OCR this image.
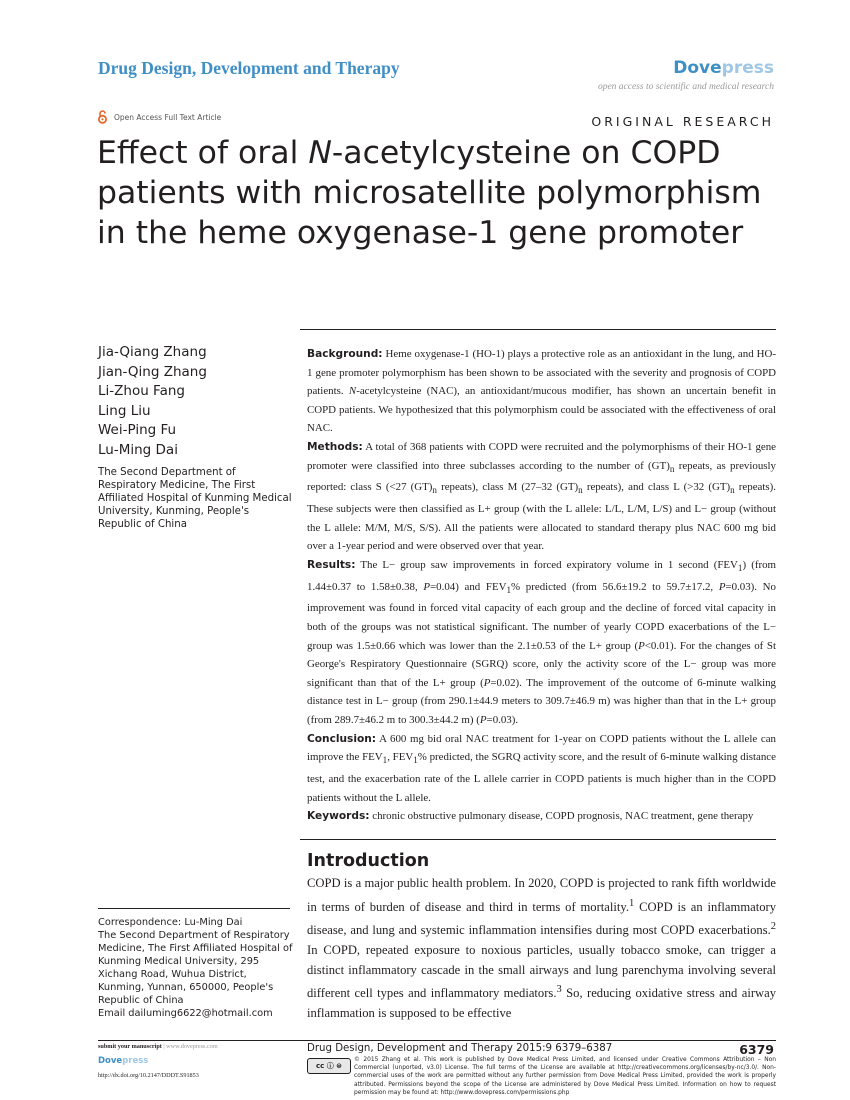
Drug Design, Development and Therapy	Dovepress
open access to scientific and medical research
Open Access Full Text Article	ORIGINAL RESEARCH
Effect of oral N-acetylcysteine on COPD patients with microsatellite polymorphism in the heme oxygenase-1 gene promoter
Jia-Qiang Zhang
Jian-Qing Zhang
Li-Zhou Fang
Ling Liu
Wei-Ping Fu
Lu-Ming Dai
The Second Department of Respiratory Medicine, The First Affiliated Hospital of Kunming Medical University, Kunming, People's Republic of China

Background: Heme oxygenase-1 (HO-1) plays a protective role as an antioxidant in the lung, and HO-1 gene promoter polymorphism has been shown to be associated with the severity and prognosis of COPD patients. N-acetylcysteine (NAC), an antioxidant/mucous modifier, has shown an uncertain benefit in COPD patients. We hypothesized that this polymorphism could be associated with the effectiveness of oral NAC.

Methods: A total of 368 patients with COPD were recruited and the polymorphisms of their HO-1 gene promoter were classified into three subclasses according to the number of $(GT)_n$ repeats, as previously reported: class S (<27 $(GT)_n$ repeats), class M (27–32 $(GT)_n$ repeats), and class L (>32 $(GT)_n$ repeats). These subjects were then classified as L+ group (with the L allele: L/L, L/M, L/S) and L− group (without the L allele: M/M, M/S, S/S). All the patients were allocated to standard therapy plus NAC 600 mg bid over a 1-year period and were observed over that year.

Results: The L− group saw improvements in forced expiratory volume in 1 second $(FEV_1)$ (from 1.44±0.37 to 1.58±0.38, P=0.04) and $FEV_1\%$ predicted (from 56.6±19.2 to 59.7±17.2, P=0.03). No improvement was found in forced vital capacity of each group and the decline of forced vital capacity in both of the groups was not statistical significant. The number of yearly COPD exacerbations of the L− group was 1.5±0.66 which was lower than the 2.1±0.53 of the L+ group (P<0.01). For the changes of St George's Respiratory Questionnaire (SGRQ) score, only the activity score of the L− group was more significant than that of the L+ group (P=0.02). The improvement of the outcome of 6-minute walking distance test in L− group (from 290.1±44.9 meters to 309.7±46.9 m) was higher than that in the L+ group (from 289.7±46.2 m to 300.3±44.2 m) (P=0.03).

Conclusion: A 600 mg bid oral NAC treatment for 1-year on COPD patients without the L allele can improve the $FEV_1$, $FEV_1\%$ predicted, the SGRQ activity score, and the result of 6-minute walking distance test, and the exacerbation rate of the L allele carrier in COPD patients is much higher than in the COPD patients without the L allele.

Keywords: chronic obstructive pulmonary disease, COPD prognosis, NAC treatment, gene therapy

Introduction
COPD is a major public health problem. In 2020, COPD is projected to rank fifth worldwide in terms of burden of disease and third in terms of mortality.$^1$ COPD is an inflammatory disease, and lung and systemic inflammation intensifies during most COPD exacerbations.$^2$ In COPD, repeated exposure to noxious particles, usually tobacco smoke, can trigger a distinct inflammatory cascade in the small airways and lung parenchyma involving several different cell types and inflammatory mediators.$^3$ So, reducing oxidative stress and airway inflammation is supposed to be effective
Correspondence: Lu-Ming Dai
The Second Department of Respiratory Medicine, The First Affiliated Hospital of Kunming Medical University, 295 Xichang Road, Wuhua District, Kunming, Yunnan, 650000, People's Republic of China
Email dailuming6622@hotmail.com
submit your manuscript | www.dovepress.com
Dovepress
http://dx.doi.org/10.2147/DDDT.S91853
Drug Design, Development and Therapy 2015:9 6379–6387	6379
cc ⓘ ⊜
© 2015 Zhang et al. This work is published by Dove Medical Press Limited, and licensed under Creative Commons Attribution – Non Commercial (unported, v3.0) License. The full terms of the License are available at http://creativecommons.org/licenses/by-nc/3.0/. Non-commercial uses of the work are permitted without any further permission from Dove Medical Press Limited, provided the work is properly attributed. Permissions beyond the scope of the License are administered by Dove Medical Press Limited. Information on how to request permission may be found at: http://www.dovepress.com/permissions.php
